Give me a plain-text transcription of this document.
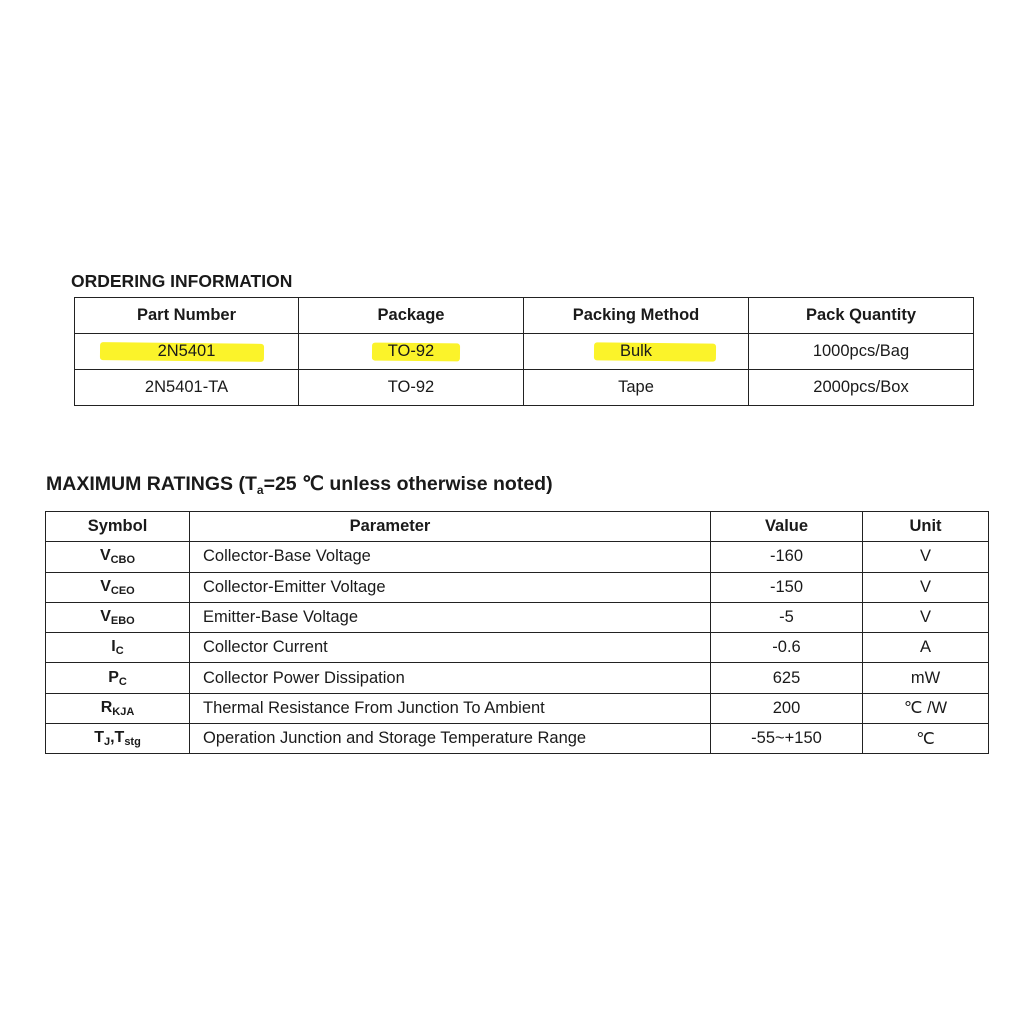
ORDERING INFORMATION
Part Number	Package	Packing Method	Pack Quantity
2N5401	TO-92	Bulk	1000pcs/Bag
2N5401-TA	TO-92	Tape	2000pcs/Box
MAXIMUM RATINGS ($T_a=25$ ℃ unless otherwise noted)
Symbol	Parameter	Value	Unit
$V_{CBO}$	Collector-Base Voltage	-160	V
$V_{CEO}$	Collector-Emitter Voltage	-150	V
$V_{EBO}$	Emitter-Base Voltage	-5	V
$I_C$	Collector Current	-0.6	A
$P_C$	Collector Power Dissipation	625	mW
$R_{KJA}$	Thermal Resistance From Junction To Ambient	200	℃ /W
$T_J,T_{stg}$	Operation Junction and Storage Temperature Range	-55~+150	℃
